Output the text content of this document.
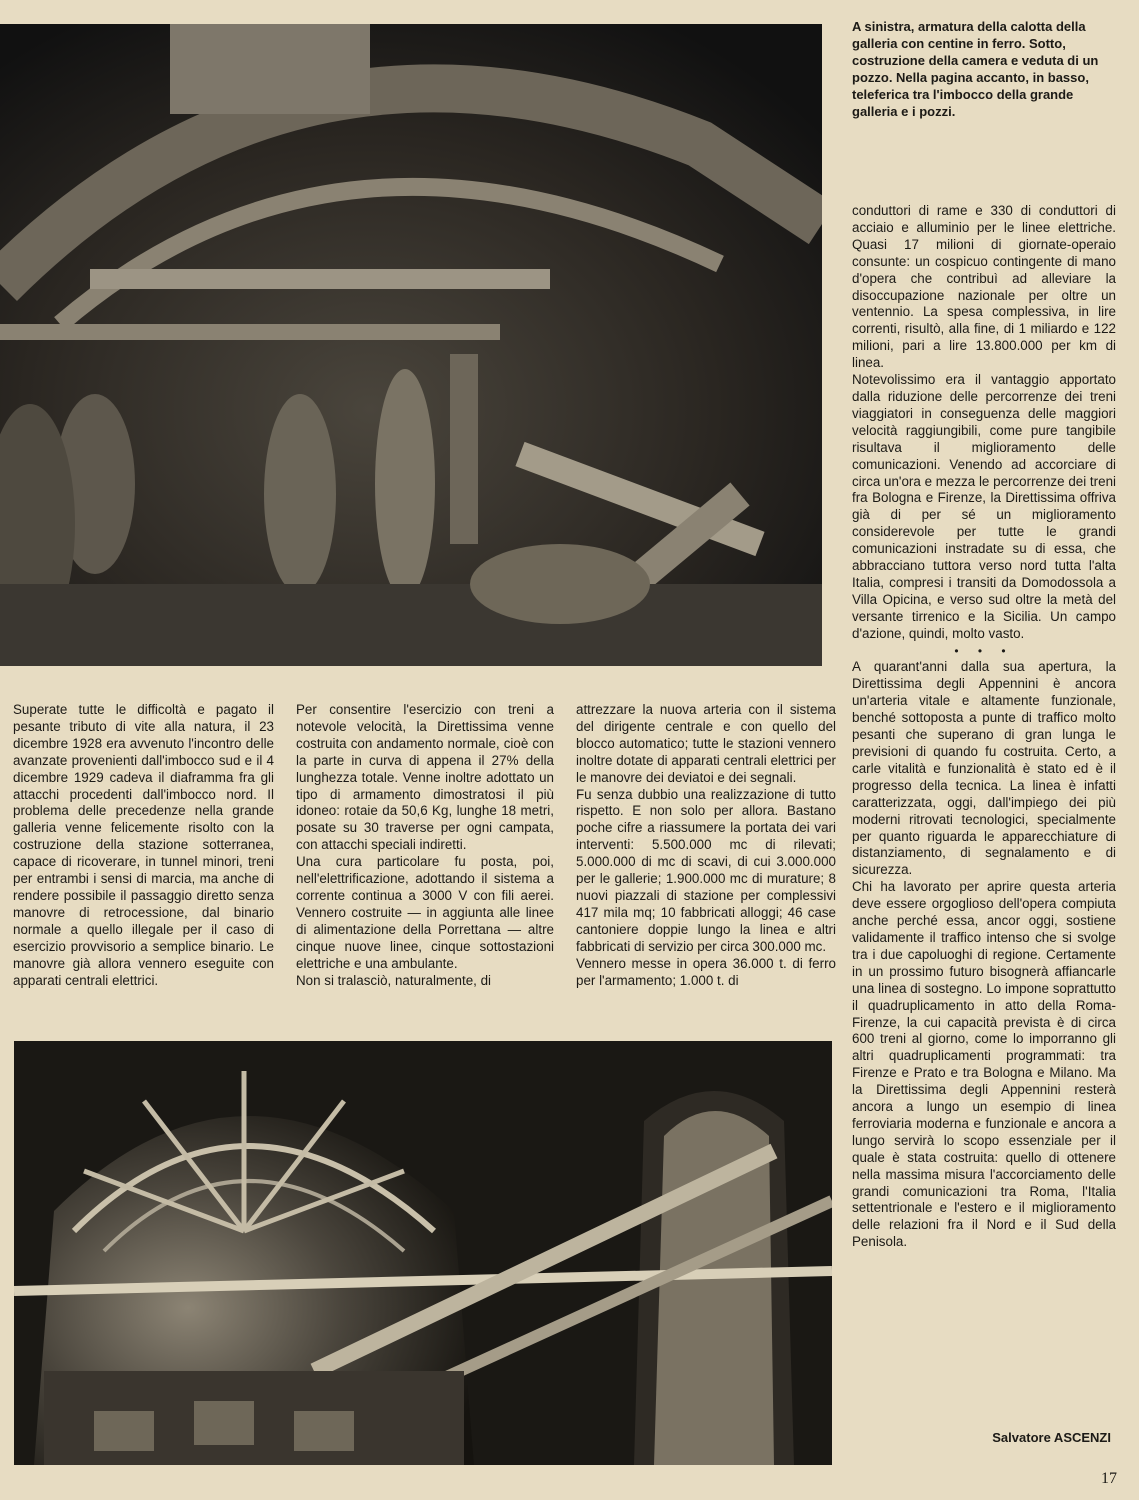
A sinistra, armatura della calotta della galleria con centine in ferro. Sotto, costruzione della camera e veduta di un pozzo. Nella pagina accanto, in basso, teleferica tra l'imbocco della grande galleria e i pozzi.

Superate tutte le difficoltà e pagato il pesante tributo di vite alla natura, il 23 dicembre 1928 era avvenuto l'incontro delle avanzate provenienti dall'imbocco sud e il 4 dicembre 1929 cadeva il diaframma fra gli attacchi procedenti dall'imbocco nord. Il problema delle precedenze nella grande galleria venne felicemente risolto con la costruzione della stazione sotterranea, capace di ricoverare, in tunnel minori, treni per entrambi i sensi di marcia, ma anche di rendere possibile il passaggio diretto senza manovre di retrocessione, dal binario normale a quello illegale per il caso di esercizio provvisorio a semplice binario. Le manovre già allora vennero eseguite con apparati centrali elettrici.

Per consentire l'esercizio con treni a notevole velocità, la Direttissima venne costruita con andamento normale, cioè con la parte in curva di appena il 27% della lunghezza totale. Venne inoltre adottato un tipo di armamento dimostratosi il più idoneo: rotaie da 50,6 Kg, lunghe 18 metri, posate su 30 traverse per ogni campata, con attacchi speciali indiretti.

Una cura particolare fu posta, poi, nell'elettrificazione, adottando il sistema a corrente continua a 3000 V con fili aerei. Vennero costruite — in aggiunta alle linee di alimentazione della Porrettana — altre cinque nuove linee, cinque sottostazioni elettriche e una ambulante.

Non si tralasciò, naturalmente, di

attrezzare la nuova arteria con il sistema del dirigente centrale e con quello del blocco automatico; tutte le stazioni vennero inoltre dotate di apparati centrali elettrici per le manovre dei deviatoi e dei segnali.

Fu senza dubbio una realizzazione di tutto rispetto. E non solo per allora. Bastano poche cifre a riassumere la portata dei vari interventi: 5.500.000 mc di rilevati; 5.000.000 di mc di scavi, di cui 3.000.000 per le gallerie; 1.900.000 mc di murature; 8 nuovi piazzali di stazione per complessivi 417 mila mq; 10 fabbricati alloggi; 46 case cantoniere doppie lungo la linea e altri fabbricati di servizio per circa 300.000 mc.

Vennero messe in opera 36.000 t. di ferro per l'armamento; 1.000 t. di

conduttori di rame e 330 di conduttori di acciaio e alluminio per le linee elettriche. Quasi 17 milioni di giornate-operaio consunte: un cospicuo contingente di mano d'opera che contribuì ad alleviare la disoccupazione nazionale per oltre un ventennio. La spesa complessiva, in lire correnti, risultò, alla fine, di 1 miliardo e 122 milioni, pari a lire 13.800.000 per km di linea.

Notevolissimo era il vantaggio apportato dalla riduzione delle percorrenze dei treni viaggiatori in conseguenza delle maggiori velocità raggiungibili, come pure tangibile risultava il miglioramento delle comunicazioni. Venendo ad accorciare di circa un'ora e mezza le percorrenze dei treni fra Bologna e Firenze, la Direttissima offriva già di per sé un miglioramento considerevole per tutte le grandi comunicazioni instradate su di essa, che abbracciano tuttora verso nord tutta l'alta Italia, compresi i transiti da Domodossola a Villa Opicina, e verso sud oltre la metà del versante tirrenico e la Sicilia. Un campo d'azione, quindi, molto vasto.

• • •

A quarant'anni dalla sua apertura, la Direttissima degli Appennini è ancora un'arteria vitale e altamente funzionale, benché sottoposta a punte di traffico molto pesanti che superano di gran lunga le previsioni di quando fu costruita. Certo, a carle vitalità e funzionalità è stato ed è il progresso della tecnica. La linea è infatti caratterizzata, oggi, dall'impiego dei più moderni ritrovati tecnologici, specialmente per quanto riguarda le apparecchiature di distanziamento, di segnalamento e di sicurezza.

Chi ha lavorato per aprire questa arteria deve essere orgoglioso dell'opera compiuta anche perché essa, ancor oggi, sostiene validamente il traffico intenso che si svolge tra i due capoluoghi di regione. Certamente in un prossimo futuro bisognerà affiancarle una linea di sostegno. Lo impone soprattutto il quadruplicamento in atto della Roma-Firenze, la cui capacità prevista è di circa 600 treni al giorno, come lo imporranno gli altri quadruplicamenti programmati: tra Firenze e Prato e tra Bologna e Milano. Ma la Direttissima degli Appennini resterà ancora a lungo un esempio di linea ferroviaria moderna e funzionale e ancora a lungo servirà lo scopo essenziale per il quale è stata costruita: quello di ottenere nella massima misura l'accorciamento delle grandi comunicazioni tra Roma, l'Italia settentrionale e l'estero e il miglioramento delle relazioni fra il Nord e il Sud della Penisola.

Salvatore ASCENZI

17
